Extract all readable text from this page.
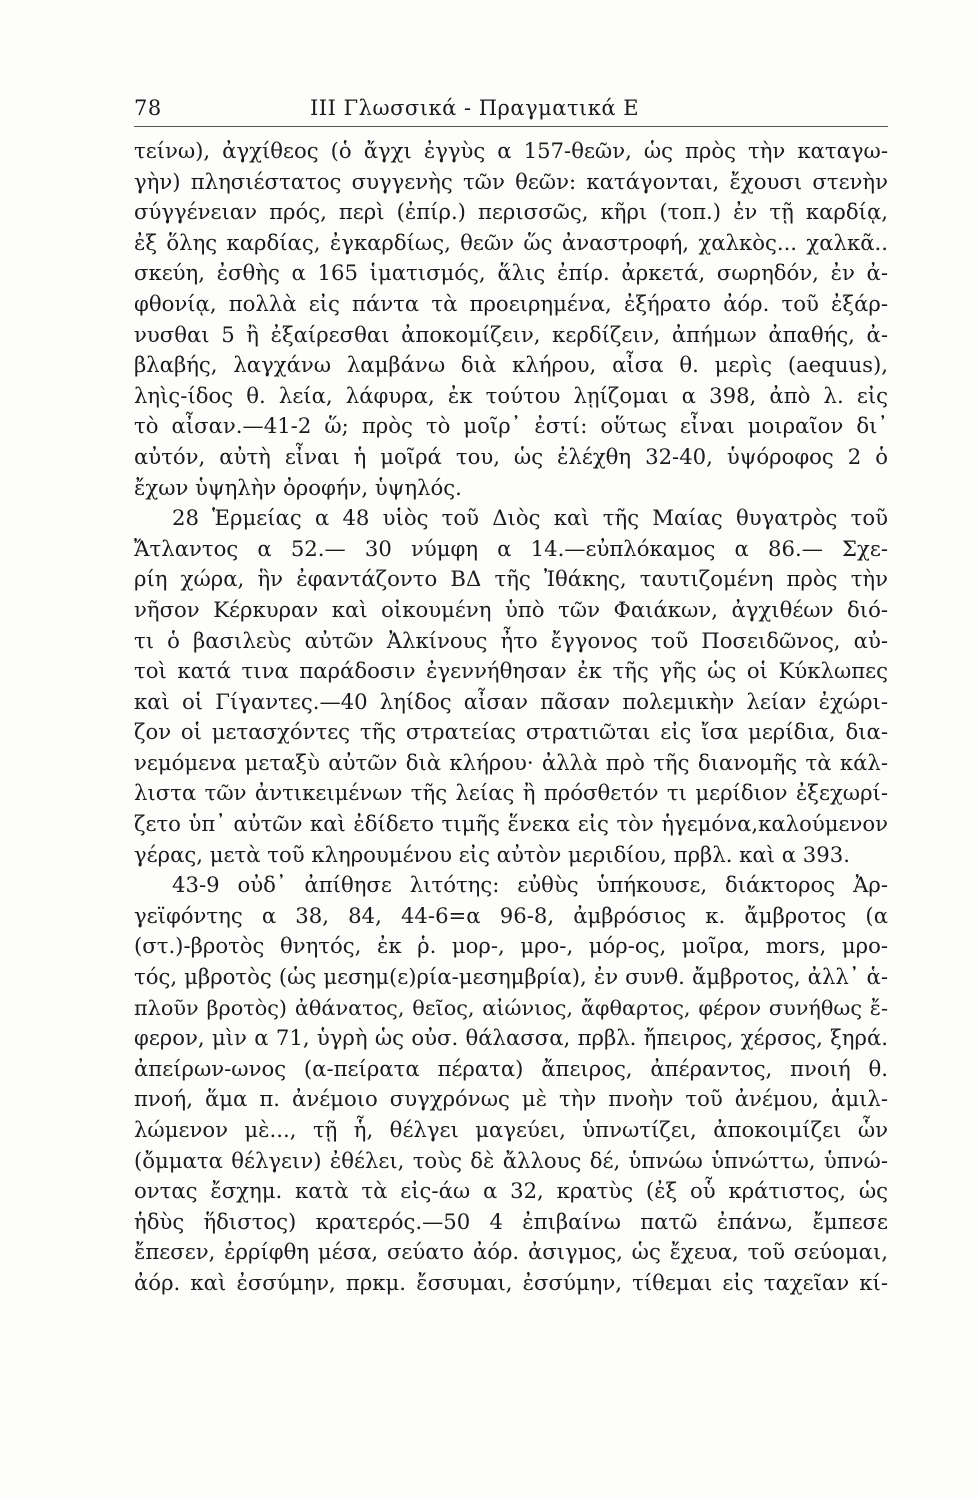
78	ΙΙΙ Γλωσσικά - Πραγματικά Ε
τείνω), ἀγχίθεος (ὁ ἄγχι ἐγγὺς α 157-θεῶν, ὡς πρὸς τὴν καταγω-
γὴν) πλησιέστατος συγγενὴς τῶν θεῶν: κατάγονται, ἔχουσι στενὴν
σύγγένειαν πρός, περὶ (ἐπίρ.) περισσῶς, κῆρι (τοπ.) ἐν τῇ καρδίᾳ,
ἐξ ὅλης καρδίας, ἐγκαρδίως, θεῶν ὥς ἀναστροφή, χαλκὸς... χαλκᾶ..
σκεύη, ἐσθὴς α 165 ἱματισμός, ἅλις ἐπίρ. ἀρκετά, σωρηδόν, ἐν ἀ-
φθονίᾳ, πολλὰ εἰς πάντα τὰ προειρημένα, ἐξήρατο ἀόρ. τοῦ ἐξάρ-
νυσθαι 5 ἢ ἐξαίρεσθαι ἀποκομίζειν, κερδίζειν, ἀπήμων ἀπαθής, ἀ-
βλαβής, λαγχάνω λαμβάνω διὰ κλήρου, αἶσα θ. μερὶς (aequus),
ληὶς-ίδος θ. λεία, λάφυρα, ἐκ τούτου λῃίζομαι α 398, ἀπὸ λ. εἰς
τὸ αἶσαν.—41-2 ὥ; πρὸς τὸ μοῖρ᾽ ἐστί: οὕτως εἶναι μοιραῖον δι᾽
αὐτόν, αὐτὴ εἶναι ἡ μοῖρά του, ὡς ἐλέχθη 32-40, ὑψόροφος 2 ὁ
ἔχων ὑψηλὴν ὀροφήν, ὑψηλός.
28 Ἑρμείας α 48 υἱὸς τοῦ Διὸς καὶ τῆς Μαίας θυγατρὸς τοῦ
Ἄτλαντος α 52.— 30 νύμφη α 14.—εὐπλόκαμος α 86.— Σχε-
ρίη χώρα, ἣν ἐφαντάζοντο ΒΔ τῆς Ἰθάκης, ταυτιζομένη πρὸς τὴν
νῆσον Κέρκυραν καὶ οἰκουμένη ὑπὸ τῶν Φαιάκων, ἀγχιθέων διό-
τι ὁ βασιλεὺς αὐτῶν Ἀλκίνους ἦτο ἔγγονος τοῦ Ποσειδῶνος, αὐ-
τοὶ κατά τινα παράδοσιν ἐγεννήθησαν ἐκ τῆς γῆς ὡς οἱ Κύκλωπες
καὶ οἱ Γίγαντες.—40 ληίδος αἶσαν πᾶσαν πολεμικὴν λείαν ἐχώρι-
ζον οἱ μετασχόντες τῆς στρατείας στρατιῶται εἰς ἴσα μερίδια, δια-
νεμόμενα μεταξὺ αὐτῶν διὰ κλήρου· ἀλλὰ πρὸ τῆς διανομῆς τὰ κάλ-
λιστα τῶν ἀντικειμένων τῆς λείας ἢ πρόσθετόν τι μερίδιον ἐξεχωρί-
ζετο ὑπ᾽ αὐτῶν καὶ ἐδίδετο τιμῆς ἕνεκα εἰς τὸν ἡγεμόνα,καλούμενον
γέρας, μετὰ τοῦ κληρουμένου εἰς αὐτὸν μεριδίου, πρβλ. καὶ α 393.
43-9 οὐδ᾽ ἀπίθησε λιτότης: εὐθὺς ὑπήκουσε, διάκτορος Ἀρ-
γεϊφόντης α 38, 84, 44-6=α 96-8, ἀμβρόσιος κ. ἄμβροτος (α
(στ.)-βροτὸς θνητός, ἐκ ῥ. μορ-, μρο-, μόρ-ος, μοῖρα, mors, μρο-
τός, μβροτὸς (ὡς μεσημ(ε)ρία-μεσημβρία), ἐν συνθ. ἄμβροτος, ἀλλ᾽ ἁ-
πλοῦν βροτὸς) ἀθάνατος, θεῖος, αἰώνιος, ἄφθαρτος, φέρον συνήθως ἔ-
φερον, μὶν α 71, ὑγρὴ ὡς οὐσ. θάλασσα, πρβλ. ἤπειρος, χέρσος, ξηρά.
ἀπείρων-ωνος (α-πείρατα πέρατα) ἄπειρος, ἀπέραντος, πνοιή θ.
πνοή, ἅμα π. ἀνέμοιο συγχρόνως μὲ τὴν πνοὴν τοῦ ἀνέμου, ἁμιλ-
λώμενον μὲ..., τῇ ἧ, θέλγει μαγεύει, ὑπνωτίζει, ἀποκοιμίζει ὧν
(ὄμματα θέλγειν) ἐθέλει, τοὺς δὲ ἄλλους δέ, ὑπνώω ὑπνώττω, ὑπνώ-
οντας ἔσχημ. κατὰ τὰ εἰς-άω α 32, κρατὺς (ἐξ οὗ κράτιστος, ὡς
ἡδὺς ἥδιστος) κρατερός.—50 4 ἐπιβαίνω πατῶ ἐπάνω, ἔμπεσε
ἔπεσεν, ἐρρίφθη μέσα, σεύατο ἀόρ. ἀσιγμος, ὡς ἔχευα, τοῦ σεύομαι,
ἀόρ. καὶ ἐσσύμην, πρκμ. ἔσσυμαι, ἐσσύμην, τίθεμαι εἰς ταχεῖαν κί-
